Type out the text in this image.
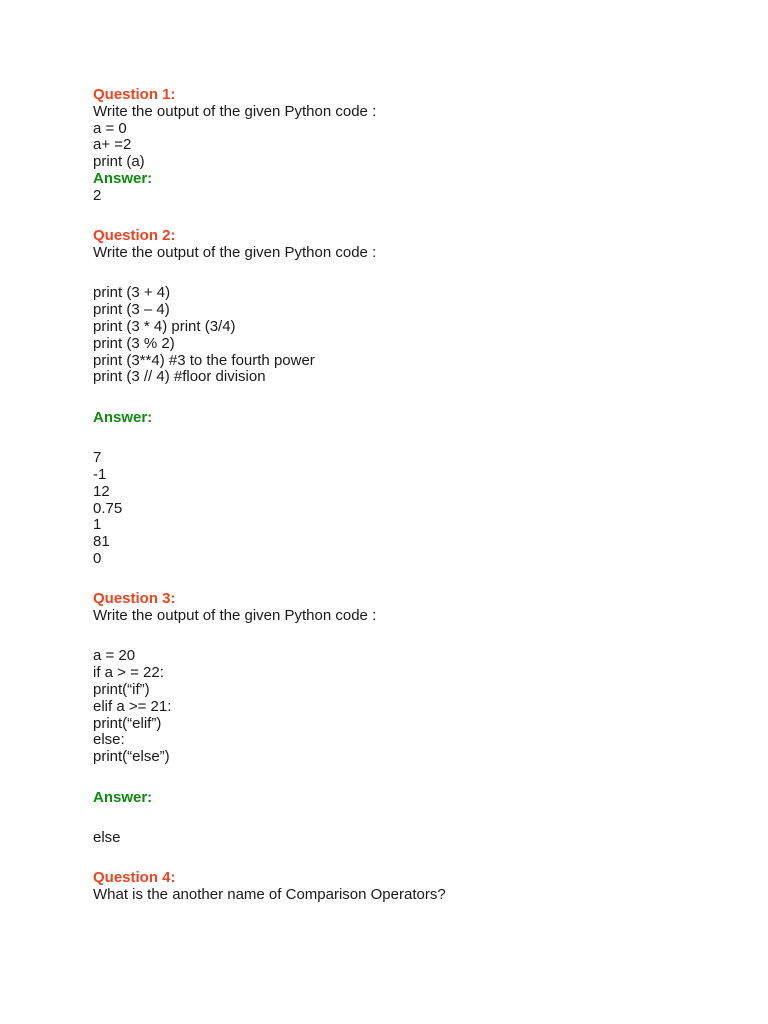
Question 1:
Write the output of the given Python code :
a = 0
a+ =2
print (a)
Answer:
2
Question 2:
Write the output of the given Python code :
print (3 + 4)
print (3 – 4)
print (3 * 4) print (3/4)
print (3 % 2)
print (3**4) #3 to the fourth power
print (3 // 4) #floor division
Answer:
7
-1
12
0.75
1
81
0
Question 3:
Write the output of the given Python code :
a = 20
if a > = 22:
print(“if”)
elif a >= 21:
print(“elif”)
else:
print(“else”)
Answer:
else
Question 4:
What is the another name of Comparison Operators?
